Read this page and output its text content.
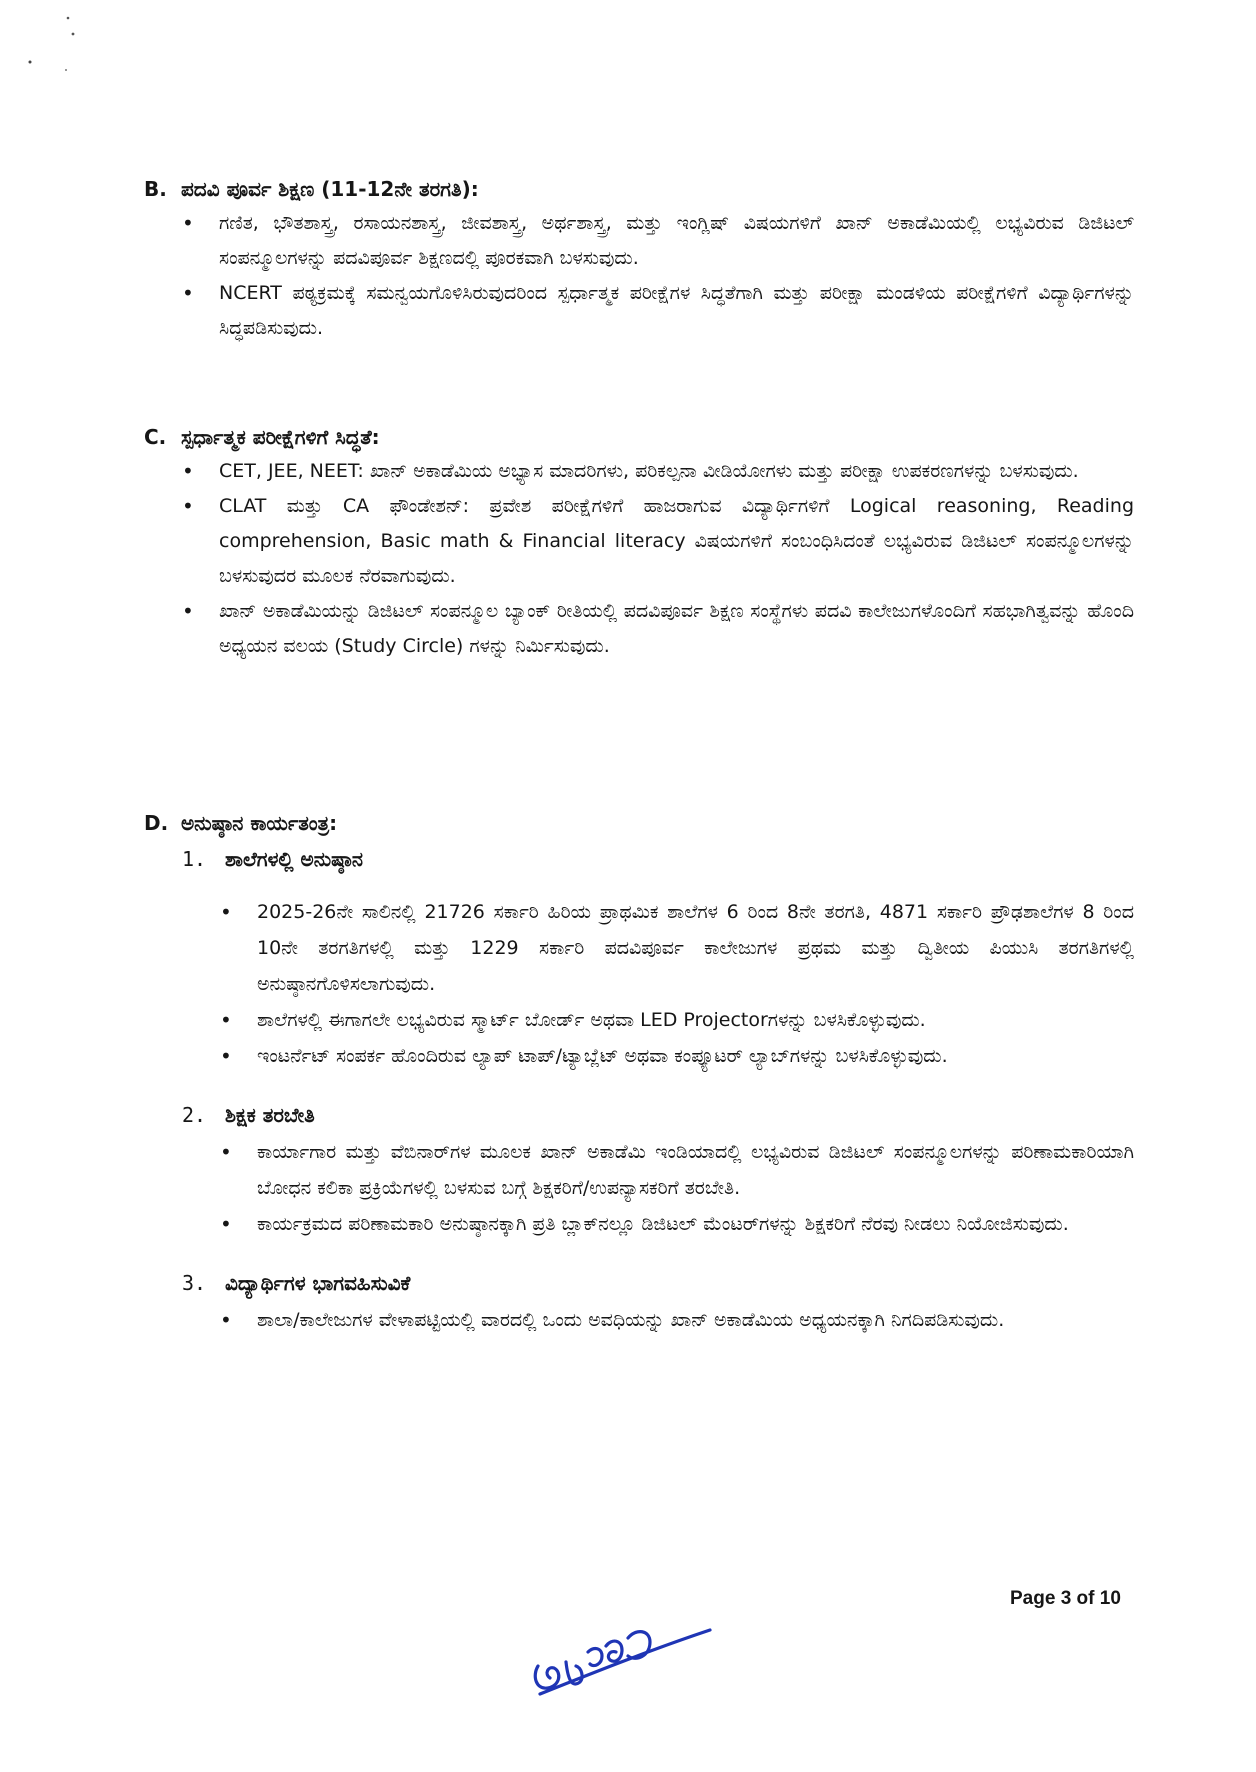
B. ಪದವಿ ಪೂರ್ವ ಶಿಕ್ಷಣ (11-12ನೇ ತರಗತಿ):
• ಗಣಿತ, ಭೌತಶಾಸ್ತ್ರ, ರಸಾಯನಶಾಸ್ತ್ರ, ಜೀವಶಾಸ್ತ್ರ, ಅರ್ಥಶಾಸ್ತ್ರ, ಮತ್ತು ಇಂಗ್ಲಿಷ್ ವಿಷಯಗಳಿಗೆ ಖಾನ್ ಅಕಾಡೆಮಿಯಲ್ಲಿ ಲಭ್ಯವಿರುವ ಡಿಜಿಟಲ್ ಸಂಪನ್ಮೂಲಗಳನ್ನು ಪದವಿಪೂರ್ವ ಶಿಕ್ಷಣದಲ್ಲಿ ಪೂರಕವಾಗಿ ಬಳಸುವುದು.
• NCERT ಪಠ್ಯಕ್ರಮಕ್ಕೆ ಸಮನ್ವಯಗೊಳಿಸಿರುವುದರಿಂದ ಸ್ಪರ್ಧಾತ್ಮಕ ಪರೀಕ್ಷೆಗಳ ಸಿದ್ಧತೆಗಾಗಿ ಮತ್ತು ಪರೀಕ್ಷಾ ಮಂಡಳಿಯ ಪರೀಕ್ಷೆಗಳಿಗೆ ವಿದ್ಯಾರ್ಥಿಗಳನ್ನು ಸಿದ್ಧಪಡಿಸುವುದು.
C. ಸ್ಪರ್ಧಾತ್ಮಕ ಪರೀಕ್ಷೆಗಳಿಗೆ ಸಿದ್ಧತೆ:
• CET, JEE, NEET: ಖಾನ್ ಅಕಾಡೆಮಿಯ ಅಭ್ಯಾಸ ಮಾದರಿಗಳು, ಪರಿಕಲ್ಪನಾ ವೀಡಿಯೋಗಳು ಮತ್ತು ಪರೀಕ್ಷಾ ಉಪಕರಣಗಳನ್ನು ಬಳಸುವುದು.
• CLAT ಮತ್ತು CA ಫೌಂಡೇಶನ್: ಪ್ರವೇಶ ಪರೀಕ್ಷೆಗಳಿಗೆ ಹಾಜರಾಗುವ ವಿದ್ಯಾರ್ಥಿಗಳಿಗೆ Logical reasoning, Reading comprehension, Basic math & Financial literacy ವಿಷಯಗಳಿಗೆ ಸಂಬಂಧಿಸಿದಂತೆ ಲಭ್ಯವಿರುವ ಡಿಜಿಟಲ್ ಸಂಪನ್ಮೂಲಗಳನ್ನು ಬಳಸುವುದರ ಮೂಲಕ ನೆರವಾಗುವುದು.
• ಖಾನ್ ಅಕಾಡೆಮಿಯನ್ನು ಡಿಜಿಟಲ್ ಸಂಪನ್ಮೂಲ ಬ್ಯಾಂಕ್ ರೀತಿಯಲ್ಲಿ ಪದವಿಪೂರ್ವ ಶಿಕ್ಷಣ ಸಂಸ್ಥೆಗಳು ಪದವಿ ಕಾಲೇಜುಗಳೊಂದಿಗೆ ಸಹಭಾಗಿತ್ವವನ್ನು ಹೊಂದಿ ಅಧ್ಯಯನ ವಲಯ (Study Circle) ಗಳನ್ನು ನಿರ್ಮಿಸುವುದು.
D. ಅನುಷ್ಠಾನ ಕಾರ್ಯತಂತ್ರ:
1. ಶಾಲೆಗಳಲ್ಲಿ ಅನುಷ್ಠಾನ
• 2025-26ನೇ ಸಾಲಿನಲ್ಲಿ 21726 ಸರ್ಕಾರಿ ಹಿರಿಯ ಪ್ರಾಥಮಿಕ ಶಾಲೆಗಳ 6 ರಿಂದ 8ನೇ ತರಗತಿ, 4871 ಸರ್ಕಾರಿ ಪ್ರೌಢಶಾಲೆಗಳ 8 ರಿಂದ 10ನೇ ತರಗತಿಗಳಲ್ಲಿ ಮತ್ತು 1229 ಸರ್ಕಾರಿ ಪದವಿಪೂರ್ವ ಕಾಲೇಜುಗಳ ಪ್ರಥಮ ಮತ್ತು ದ್ವಿತೀಯ ಪಿಯುಸಿ ತರಗತಿಗಳಲ್ಲಿ ಅನುಷ್ಠಾನಗೊಳಿಸಲಾಗುವುದು.
• ಶಾಲೆಗಳಲ್ಲಿ ಈಗಾಗಲೇ ಲಭ್ಯವಿರುವ ಸ್ಮಾರ್ಟ್ ಬೋರ್ಡ್ ಅಥವಾ LED Projectorಗಳನ್ನು ಬಳಸಿಕೊಳ್ಳುವುದು.
• ಇಂಟರ್ನೆಟ್ ಸಂಪರ್ಕ ಹೊಂದಿರುವ ಲ್ಯಾಪ್ ಟಾಪ್/ಟ್ಯಾಬ್ಲೆಟ್ ಅಥವಾ ಕಂಪ್ಯೂಟರ್ ಲ್ಯಾಬ್‌ಗಳನ್ನು ಬಳಸಿಕೊಳ್ಳುವುದು.
2. ಶಿಕ್ಷಕ ತರಬೇತಿ
• ಕಾರ್ಯಾಗಾರ ಮತ್ತು ವೆಬಿನಾರ್‌ಗಳ ಮೂಲಕ ಖಾನ್ ಅಕಾಡೆಮಿ ಇಂಡಿಯಾದಲ್ಲಿ ಲಭ್ಯವಿರುವ ಡಿಜಿಟಲ್ ಸಂಪನ್ಮೂಲಗಳನ್ನು ಪರಿಣಾಮಕಾರಿಯಾಗಿ ಬೋಧನ ಕಲಿಕಾ ಪ್ರಕ್ರಿಯೆಗಳಲ್ಲಿ ಬಳಸುವ ಬಗ್ಗೆ ಶಿಕ್ಷಕರಿಗೆ/ಉಪನ್ಯಾಸಕರಿಗೆ ತರಬೇತಿ.
• ಕಾರ್ಯಕ್ರಮದ ಪರಿಣಾಮಕಾರಿ ಅನುಷ್ಠಾನಕ್ಕಾಗಿ ಪ್ರತಿ ಬ್ಲಾಕ್‌ನಲ್ಲೂ ಡಿಜಿಟಲ್ ಮೆಂಟರ್‌ಗಳನ್ನು ಶಿಕ್ಷಕರಿಗೆ ನೆರವು ನೀಡಲು ನಿಯೋಜಿಸುವುದು.
3. ವಿದ್ಯಾರ್ಥಿಗಳ ಭಾಗವಹಿಸುವಿಕೆ
• ಶಾಲಾ/ಕಾಲೇಜುಗಳ ವೇಳಾಪಟ್ಟಿಯಲ್ಲಿ ವಾರದಲ್ಲಿ ಒಂದು ಅವಧಿಯನ್ನು ಖಾನ್ ಅಕಾಡೆಮಿಯ ಅಧ್ಯಯನಕ್ಕಾಗಿ ನಿಗದಿಪಡಿಸುವುದು.
Page 3 of 10
